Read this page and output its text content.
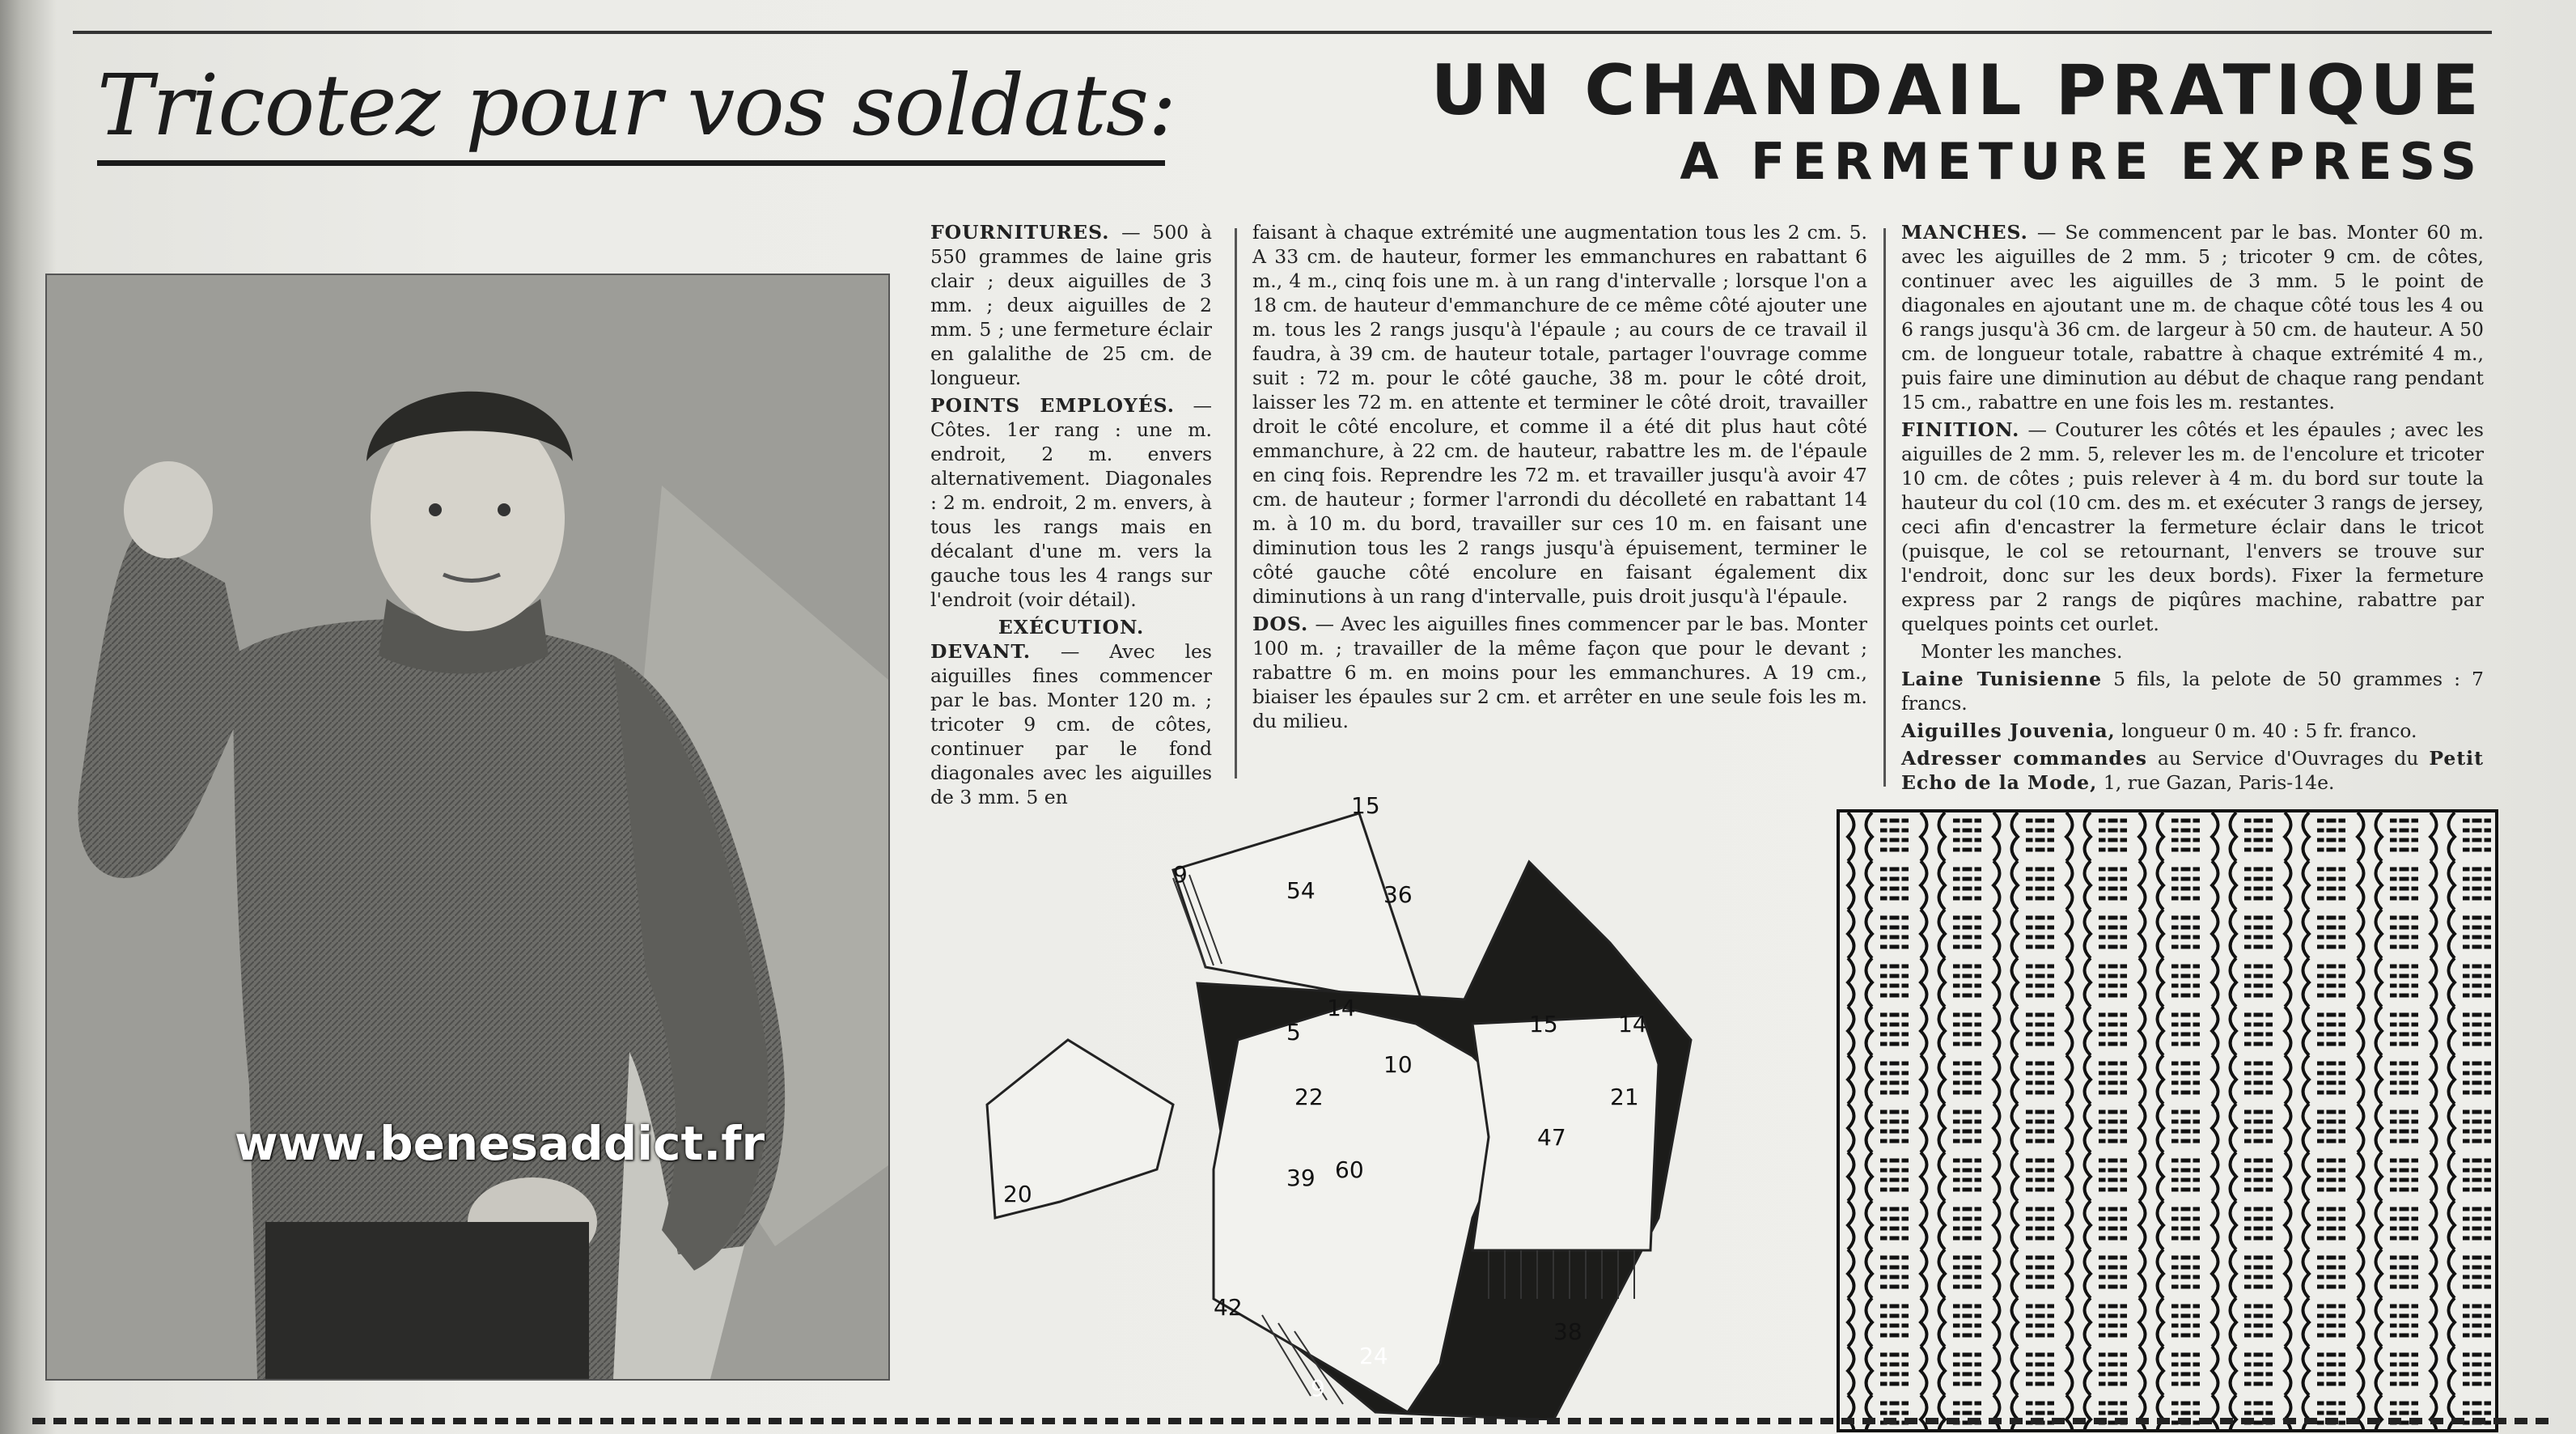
Tricotez pour vos soldats:	UN CHANDAIL PRATIQUE
A FERMETURE EXPRESS
www.benesaddict.fr

FOURNITURES. — 500 à 550 grammes de laine gris clair ; deux aiguilles de 3 mm. ; deux aiguilles de 2 mm. 5 ; une fermeture éclair en galalithe de 25 cm. de longueur.

POINTS EMPLOYÉS. — Côtes. 1er rang : une m. endroit, 2 m. envers alternativement. Diagonales : 2 m. endroit, 2 m. envers, à tous les rangs mais en décalant d'une m. vers la gauche tous les 4 rangs sur l'endroit (voir détail).

EXÉCUTION.

DEVANT. — Avec les aiguilles fines commencer par le bas. Monter 120 m. ; tricoter 9 cm. de côtes, continuer par le fond diagonales avec les aiguilles de 3 mm. 5 en

faisant à chaque extrémité une augmentation tous les 2 cm. 5. A 33 cm. de hauteur, former les emmanchures en rabattant 6 m., 4 m., cinq fois une m. à un rang d'intervalle ; lorsque l'on a 18 cm. de hauteur d'emmanchure de ce même côté ajouter une m. tous les 2 rangs jusqu'à l'épaule ; au cours de ce travail il faudra, à 39 cm. de hauteur totale, partager l'ouvrage comme suit : 72 m. pour le côté gauche, 38 m. pour le côté droit, laisser les 72 m. en attente et terminer le côté droit, travailler droit le côté encolure, et comme il a été dit plus haut côté emmanchure, à 22 cm. de hauteur, rabattre les m. de l'épaule en cinq fois. Reprendre les 72 m. et travailler jusqu'à avoir 47 cm. de hauteur ; former l'arrondi du décolleté en rabattant 14 m. à 10 m. du bord, travailler sur ces 10 m. en faisant une diminution tous les 2 rangs jusqu'à épuisement, terminer le côté gauche côté encolure en faisant également dix diminutions à un rang d'intervalle, puis droit jusqu'à l'épaule.

DOS. — Avec les aiguilles fines commencer par le bas. Monter 100 m. ; travailler de la même façon que pour le devant ; rabattre 6 m. en moins pour les emmanchures. A 19 cm., biaiser les épaules sur 2 cm. et arrêter en une seule fois les m. du milieu.

MANCHES. — Se commencent par le bas. Monter 60 m. avec les aiguilles de 2 mm. 5 ; tricoter 9 cm. de côtes, continuer avec les aiguilles de 3 mm. 5 le point de diagonales en ajoutant une m. de chaque côté tous les 4 ou 6 rangs jusqu'à 36 cm. de largeur à 50 cm. de hauteur. A 50 cm. de longueur totale, rabattre à chaque extrémité 4 m., puis faire une diminution au début de chaque rang pendant 15 cm., rabattre en une fois les m. restantes.

FINITION. — Couturer les côtés et les épaules ; avec les aiguilles de 2 mm. 5, relever les m. de l'encolure et tricoter 10 cm. de côtes ; puis relever à 4 m. du bord sur toute la hauteur du col (10 cm. des m. et exécuter 3 rangs de jersey, ceci afin d'encastrer la fermeture éclair dans le tricot (puisque, le col se retournant, l'envers se trouve sur l'endroit, donc sur les deux bords). Fixer la fermeture express par 2 rangs de piqûres machine, rabattre par quelques points cet ourlet.

Monter les manches.

Laine Tunisienne 5 fils, la pelote de 50 grammes : 7 francs.

Aiguilles Jouvenia, longueur 0 m. 40 : 5 fr. franco.

Adresser commandes au Service d'Ouvrages du Petit Echo de la Mode, 1, rue Gazan, Paris-14e.

15
9
54	36
14
5
10
22
39 60
47
15	14
21
42
9
24
38
20
